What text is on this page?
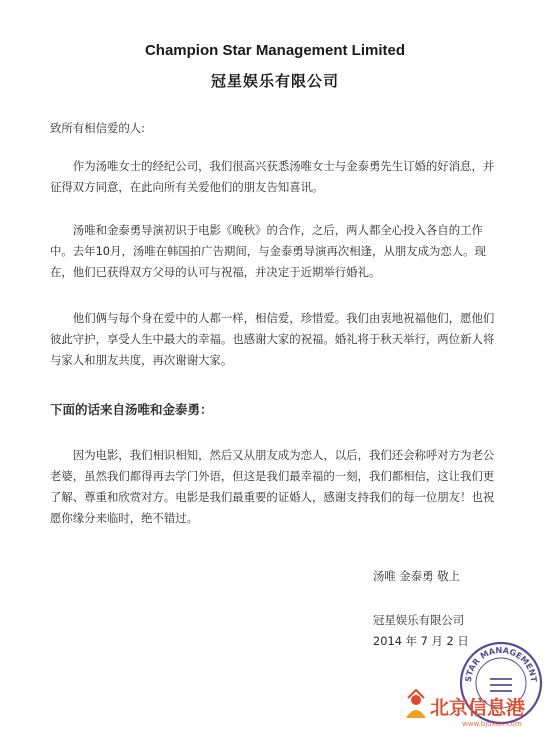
Champion Star Management Limited
冠星娱乐有限公司
致所有相信爱的人:
作为汤唯女士的经纪公司，我们很高兴获悉汤唯女士与金泰勇先生订婚的好消息，并征得双方同意，在此向所有关爱他们的朋友告知喜讯。
汤唯和金泰勇导演初识于电影《晚秋》的合作，之后，两人都全心投入各自的工作中。去年10月，汤唯在韩国拍广告期间，与金泰勇导演再次相逢，从朋友成为恋人。现在，他们已获得双方父母的认可与祝福，并决定于近期举行婚礼。
他们俩与每个身在爱中的人都一样，相信爱，珍惜爱。我们由衷地祝福他们，愿他们彼此守护，享受人生中最大的幸福。也感谢大家的祝福。婚礼将于秋天举行，两位新人将与家人和朋友共度，再次谢谢大家。
下面的话来自汤唯和金泰勇：
因为电影，我们相识相知，然后又从朋友成为恋人，以后，我们还会称呼对方为老公老婆，虽然我们都得再去学门外语，但这是我们最幸福的一刻，我们都相信，这让我们更了解、尊重和欣赏对方。电影是我们最重要的证婚人，感谢支持我们的每一位朋友！也祝愿你缘分来临时，绝不错过。
汤唯 金泰勇 敬上
冠星娱乐有限公司
2014 年 7 月 2 日
STAR MANAGEMENT
北京信息港
www.bjuxun.com
